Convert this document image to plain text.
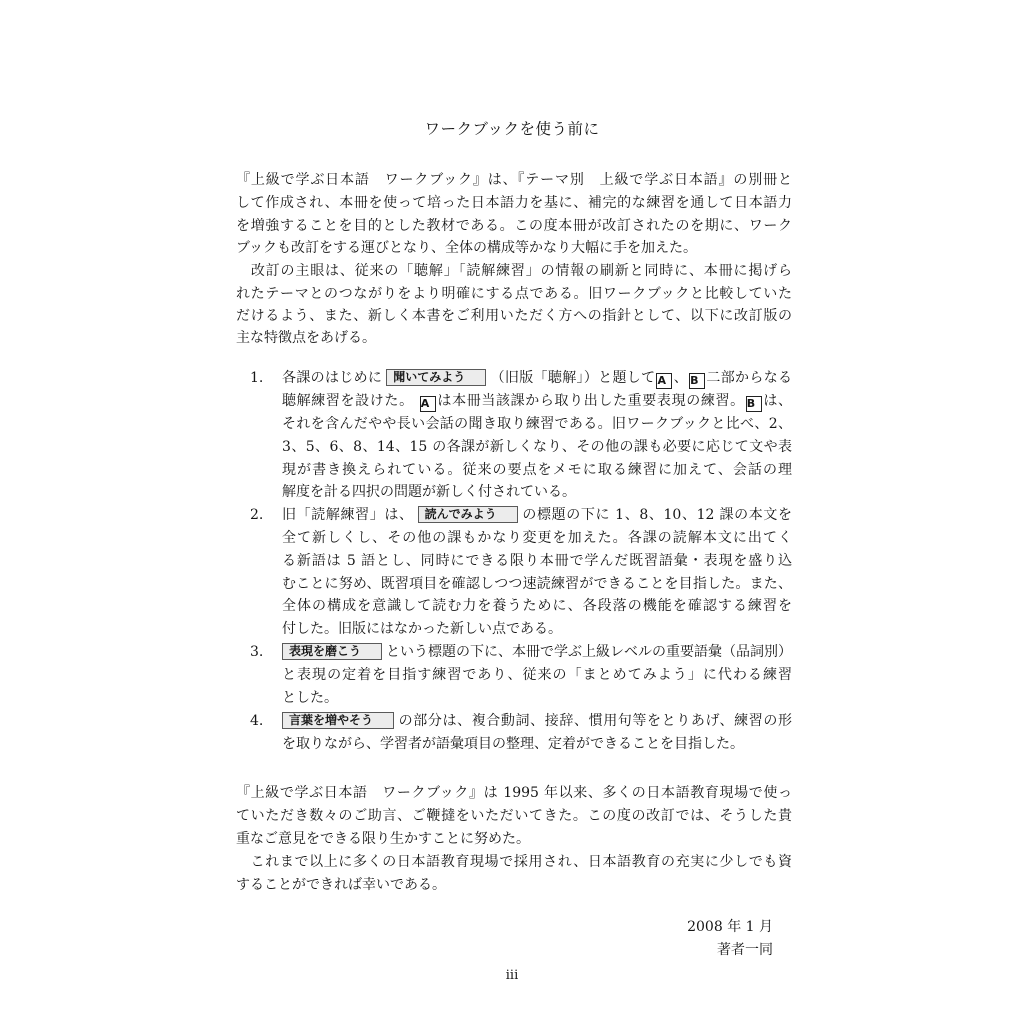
ワークブックを使う前に
『上級で学ぶ日本語　ワークブック』は、『テーマ別　上級で学ぶ日本語』の別冊と
して作成され、本冊を使って培った日本語力を基に、補完的な練習を通して日本語力
を増強することを目的とした教材である。この度本冊が改訂されたのを期に、ワーク
ブックも改訂をする運びとなり、全体の構成等かなり大幅に手を加えた。
　改訂の主眼は、従来の「聴解」「読解練習」の情報の刷新と同時に、本冊に掲げら
れたテーマとのつながりをより明確にする点である。旧ワークブックと比較していた
だけるよう、また、新しく本書をご利用いただく方への指針として、以下に改訂版の
主な特徴点をあげる。
1. 各課のはじめに 聞いてみよう （旧版「聴解」）と題して A 、 B 二部からなる
聴解練習を設けた。 A は本冊当該課から取り出した重要表現の練習。 B は、
それを含んだやや長い会話の聞き取り練習である。旧ワークブックと比べ、2、
3、5、6、8、14、15 の各課が新しくなり、その他の課も必要に応じて文や表
現が書き換えられている。従来の要点をメモに取る練習に加えて、会話の理
解度を計る四択の問題が新しく付されている。
2. 旧「読解練習」は、 読んでみよう の標題の下に 1、8、10、12 課の本文を
全て新しくし、その他の課もかなり変更を加えた。各課の読解本文に出てく
る新語は 5 語とし、同時にできる限り本冊で学んだ既習語彙・表現を盛り込
むことに努め、既習項目を確認しつつ速読練習ができることを目指した。また、
全体の構成を意識して読む力を養うために、各段落の機能を確認する練習を
付した。旧版にはなかった新しい点である。
3.	表現を磨こう という標題の下に、本冊で学ぶ上級レベルの重要語彙（品詞別）
と表現の定着を目指す練習であり、従来の「まとめてみよう」に代わる練習
とした。
4.	言葉を増やそう の部分は、複合動詞、接辞、慣用句等をとりあげ、練習の形
を取りながら、学習者が語彙項目の整理、定着ができることを目指した。
『上級で学ぶ日本語　ワークブック』は 1995 年以来、多くの日本語教育現場で使っ
ていただき数々のご助言、ご鞭撻をいただいてきた。この度の改訂では、そうした貴
重なご意見をできる限り生かすことに努めた。
　これまで以上に多くの日本語教育現場で採用され、日本語教育の充実に少しでも資
することができれば幸いである。
2008 年 1 月
著者一同
iii
